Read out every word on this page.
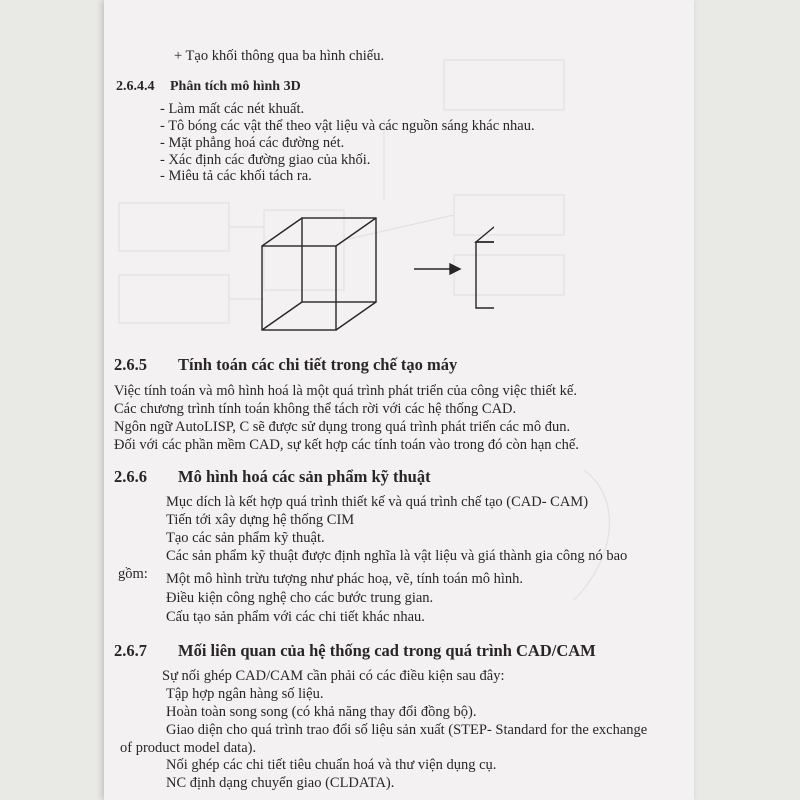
+ Tạo khối thông qua ba hình chiếu.
2.6.4.4 Phân tích mô hình 3D
- Làm mất các nét khuất.
- Tô bóng các vật thể theo vật liệu và các nguồn sáng khác nhau.
- Mặt phẳng hoá các đường nét.
- Xác định các đường giao của khối.
- Miêu tả các khối tách ra.
2.6.5 Tính toán các chi tiết trong chế tạo máy
Việc tính toán và mô hình hoá là một quá trình phát triển của công việc thiết kế.
Các chương trình tính toán không thể tách rời với các hệ thống CAD.
Ngôn ngữ AutoLISP, C sẽ được sử dụng trong quá trình phát triển các mô đun.
Đối với các phần mềm CAD, sự kết hợp các tính toán vào trong đó còn hạn chế.
2.6.6 Mô hình hoá các sản phẩm kỹ thuật
Mục dích là kết hợp quá trình thiết kế và quá trình chế tạo (CAD- CAM)
Tiến tới xây dựng hệ thống CIM
Tạo các sản phẩm kỹ thuật.
Các sản phẩm kỹ thuật được định nghĩa là vật liệu và giá thành gia công nó bao
gồm: Một mô hình trừu tượng như phác hoạ, vẽ, tính toán mô hình.
Điều kiện công nghệ cho các bước trung gian.
Cấu tạo sản phẩm với các chi tiết khác nhau.
2.6.7 Mối liên quan của hệ thống cad trong quá trình CAD/CAM
Sự nối ghép CAD/CAM cần phải có các điều kiện sau đây:
Tập hợp ngân hàng số liệu.
Hoàn toàn song song (có khả năng thay đổi đồng bộ).
Giao diện cho quá trình trao đổi số liệu sản xuất (STEP- Standard for the exchange
of product model data).
Nối ghép các chi tiết tiêu chuẩn hoá và thư viện dụng cụ.
NC định dạng chuyển giao (CLDATA).
